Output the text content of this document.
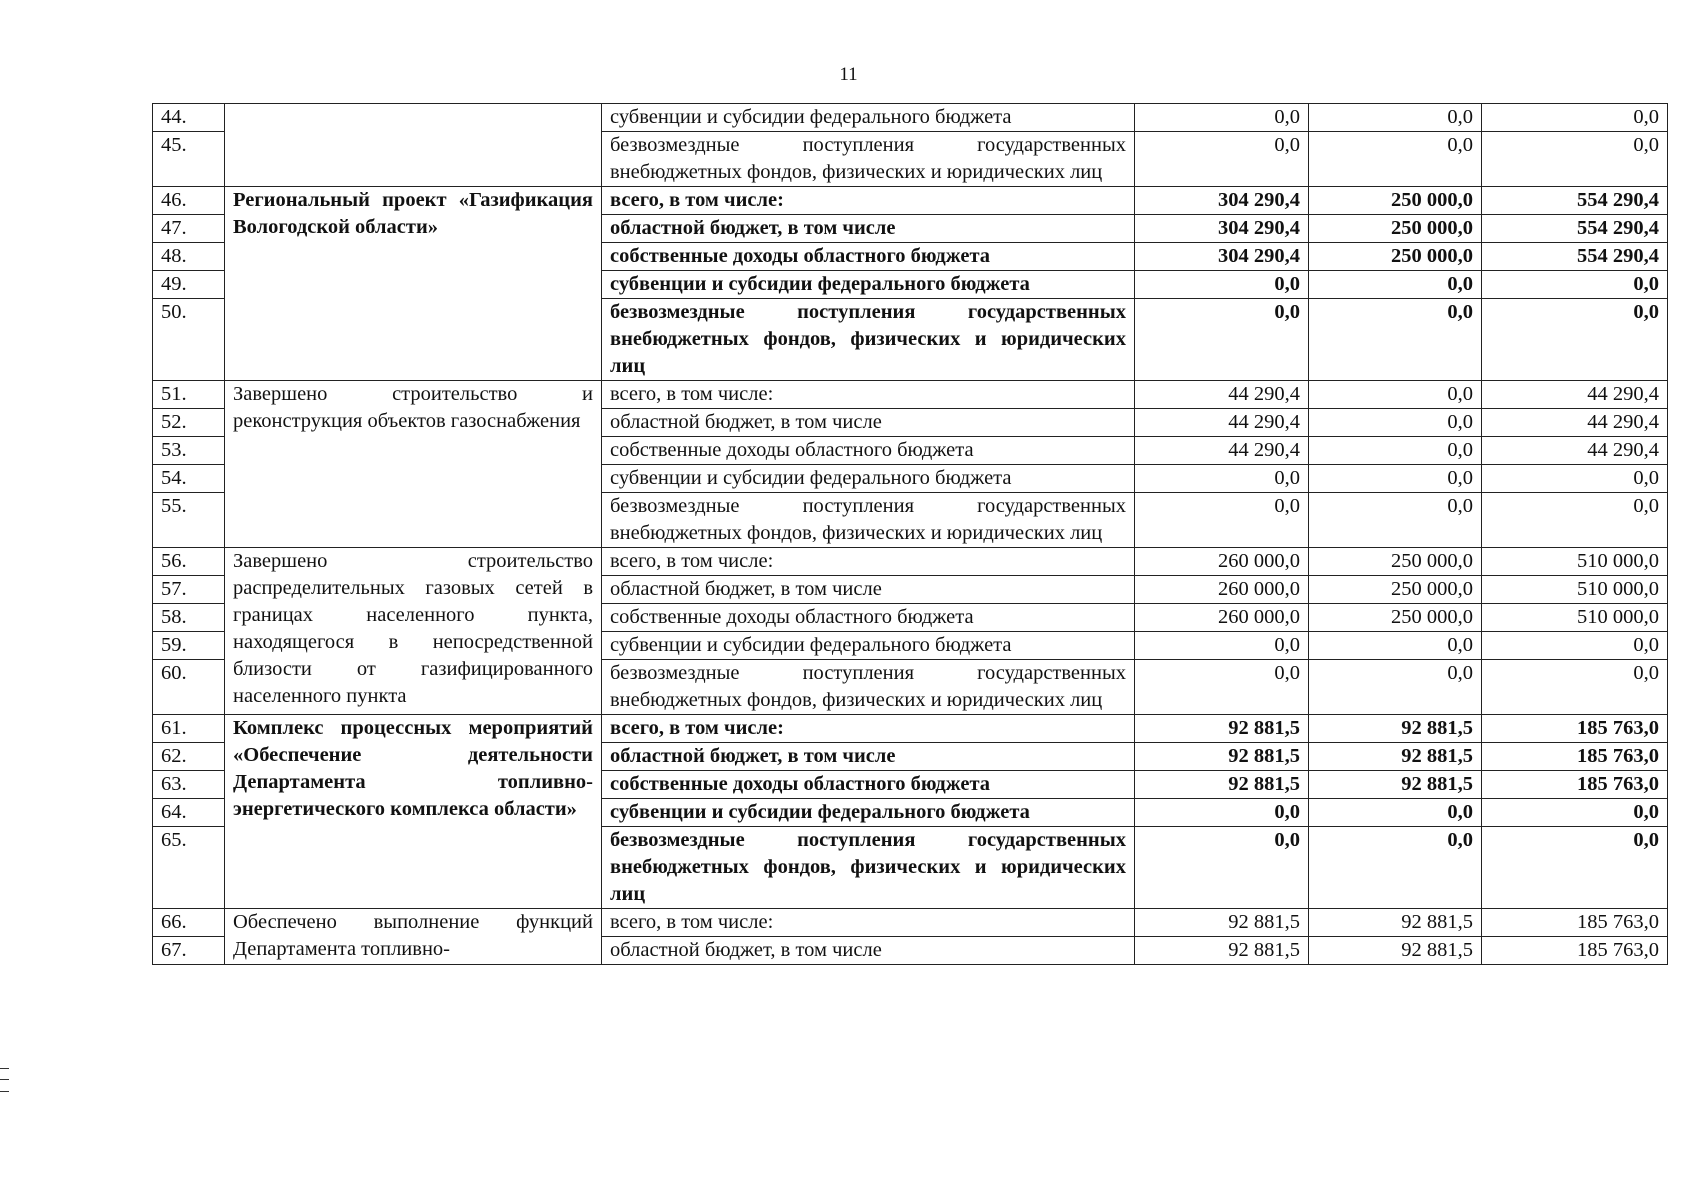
11
44.		субвенции и субсидии федерального бюджета	0,0	0,0	0,0
45.		безвозмездные поступления государственных внебюджетных фондов, физических и юридических лиц	0,0	0,0	0,0
46.	Региональный проект «Газификация Вологодской области»	всего, в том числе:	304 290,4	250 000,0	554 290,4
47.		областной бюджет, в том числе	304 290,4	250 000,0	554 290,4
48.		собственные доходы областного бюджета	304 290,4	250 000,0	554 290,4
49.		субвенции и субсидии федерального бюджета	0,0	0,0	0,0
50.		безвозмездные поступления государственных внебюджетных фондов, физических и юридических лиц	0,0	0,0	0,0
51.	Завершено строительство и реконструкция объектов газоснабжения	всего, в том числе:	44 290,4	0,0	44 290,4
52.		областной бюджет, в том числе	44 290,4	0,0	44 290,4
53.		собственные доходы областного бюджета	44 290,4	0,0	44 290,4
54.		субвенции и субсидии федерального бюджета	0,0	0,0	0,0
55.		безвозмездные поступления государственных внебюджетных фондов, физических и юридических лиц	0,0	0,0	0,0
56.	Завершено строительство распределительных газовых сетей в границах населенного пункта, находящегося в непосредственной близости от газифицированного населенного пункта	всего, в том числе:	260 000,0	250 000,0	510 000,0
57.		областной бюджет, в том числе	260 000,0	250 000,0	510 000,0
58.		собственные доходы областного бюджета	260 000,0	250 000,0	510 000,0
59.		субвенции и субсидии федерального бюджета	0,0	0,0	0,0
60.		безвозмездные поступления государственных внебюджетных фондов, физических и юридических лиц	0,0	0,0	0,0
61.	Комплекс процессных мероприятий «Обеспечение деятельности Департамента топливно-энергетического комплекса области»	всего, в том числе:	92 881,5	92 881,5	185 763,0
62.		областной бюджет, в том числе	92 881,5	92 881,5	185 763,0
63.		собственные доходы областного бюджета	92 881,5	92 881,5	185 763,0
64.		субвенции и субсидии федерального бюджета	0,0	0,0	0,0
65.		безвозмездные поступления государственных внебюджетных фондов, физических и юридических лиц	0,0	0,0	0,0
66.	Обеспечено выполнение функций Департамента топливно-	всего, в том числе:	92 881,5	92 881,5	185 763,0
67.		областной бюджет, в том числе	92 881,5	92 881,5	185 763,0
